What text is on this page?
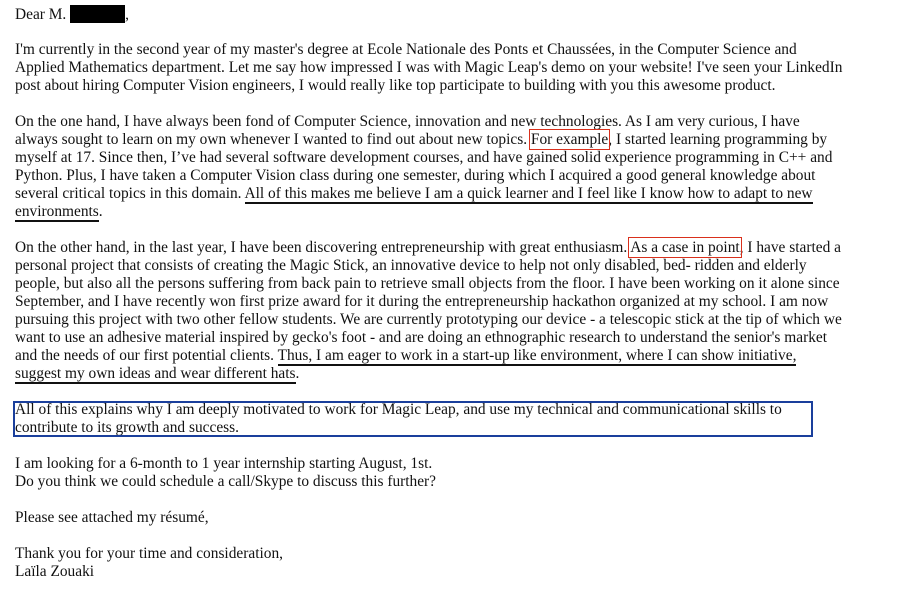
Dear M.	,
I'm currently in the second year of my master's degree at Ecole Nationale des Ponts et Chaussées, in the Computer Science and
Applied Mathematics department. Let me say how impressed I was with Magic Leap's demo on your website! I've seen your LinkedIn
post about hiring Computer Vision engineers, I would really like top participate to building with you this awesome product.
On the one hand, I have always been fond of Computer Science, innovation and new technologies. As I am very curious, I have
always sought to learn on my own whenever I wanted to find out about new topics. For example, I started learning programming by
myself at 17. Since then, I’ve had several software development courses, and have gained solid experience programming in C++ and
Python. Plus, I have taken a Computer Vision class during one semester, during which I acquired a good general knowledge about
several critical topics in this domain. All of this makes me believe I am a quick learner and I feel like I know how to adapt to new
environments.
On the other hand, in the last year, I have been discovering entrepreneurship with great enthusiasm. As a case in point, I have started a
personal project that consists of creating the Magic Stick, an innovative device to help not only disabled, bed- ridden and elderly
people, but also all the persons suffering from back pain to retrieve small objects from the floor. I have been working on it alone since
September, and I have recently won first prize award for it during the entrepreneurship hackathon organized at my school. I am now
pursuing this project with two other fellow students. We are currently prototyping our device - a telescopic stick at the tip of which we
want to use an adhesive material inspired by gecko's foot - and are doing an ethnographic research to understand the senior's market
and the needs of our first potential clients. Thus, I am eager to work in a start-up like environment, where I can show initiative,
suggest my own ideas and wear different hats.
All of this explains why I am deeply motivated to work for Magic Leap, and use my technical and communicational skills to
contribute to its growth and success.
I am looking for a 6-month to 1 year internship starting August, 1st.
Do you think we could schedule a call/Skype to discuss this further?
Please see attached my résumé,
Thank you for your time and consideration,
Laïla Zouaki
